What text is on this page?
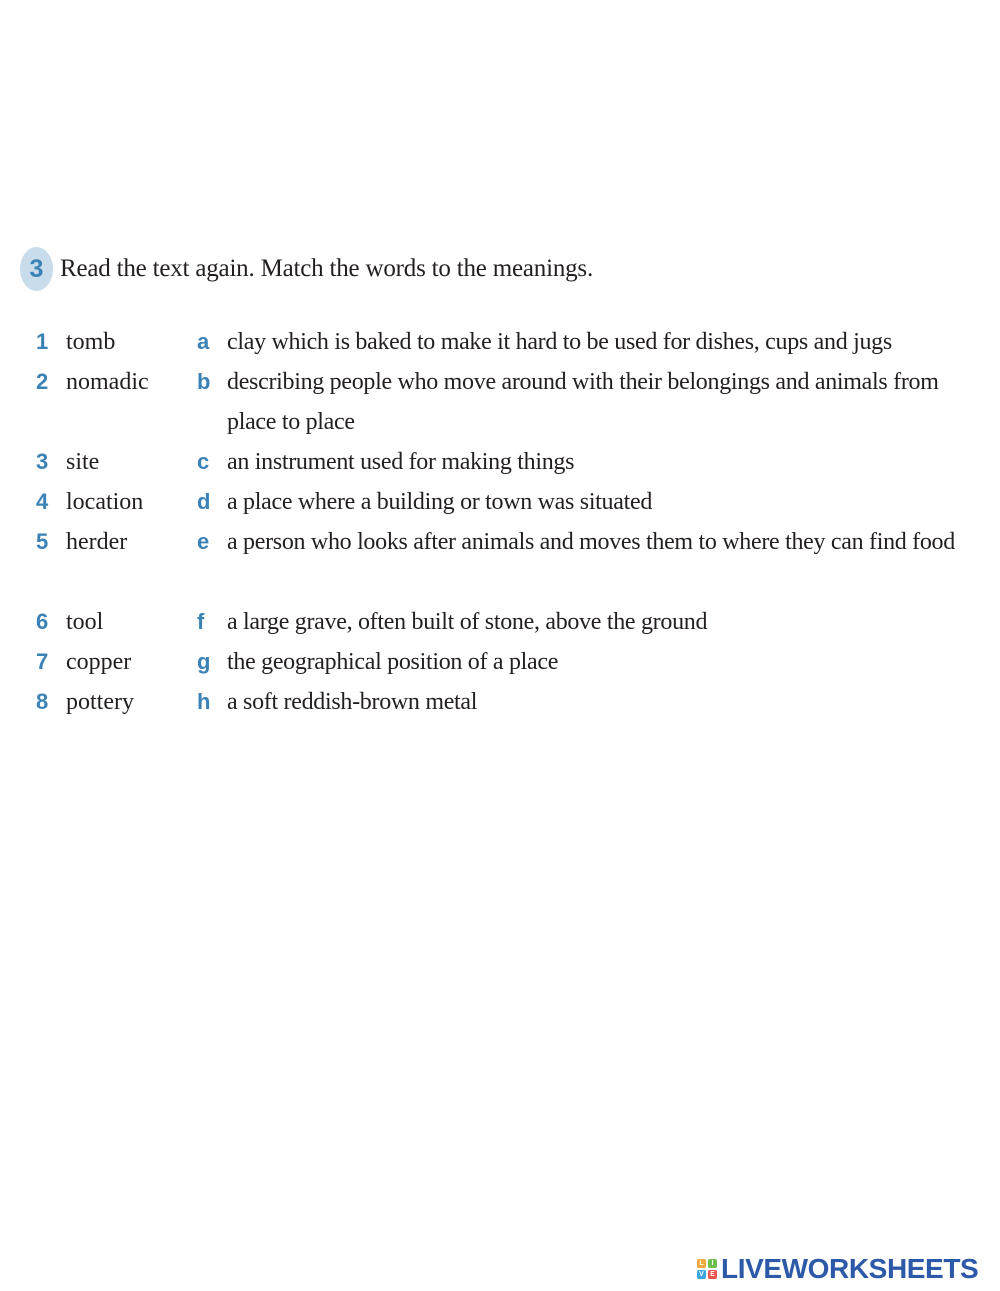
3 Read the text again. Match the words to the meanings.
1 tomb	a clay which is baked to make it hard to be used for dishes, cups and jugs
2 nomadic b describing people who move around with their belongings and animals from place to place
3 site	c an instrument used for making things
4 location d a place where a building or town was situated
5 herder	e a person who looks after animals and moves them to where they can find food
6 tool	f a large grave, often built of stone, above the ground
7 copper	g the geographical position of a place
8 pottery	h a soft reddish-brown metal
L	I
V E LIVEWORKSHEETS
